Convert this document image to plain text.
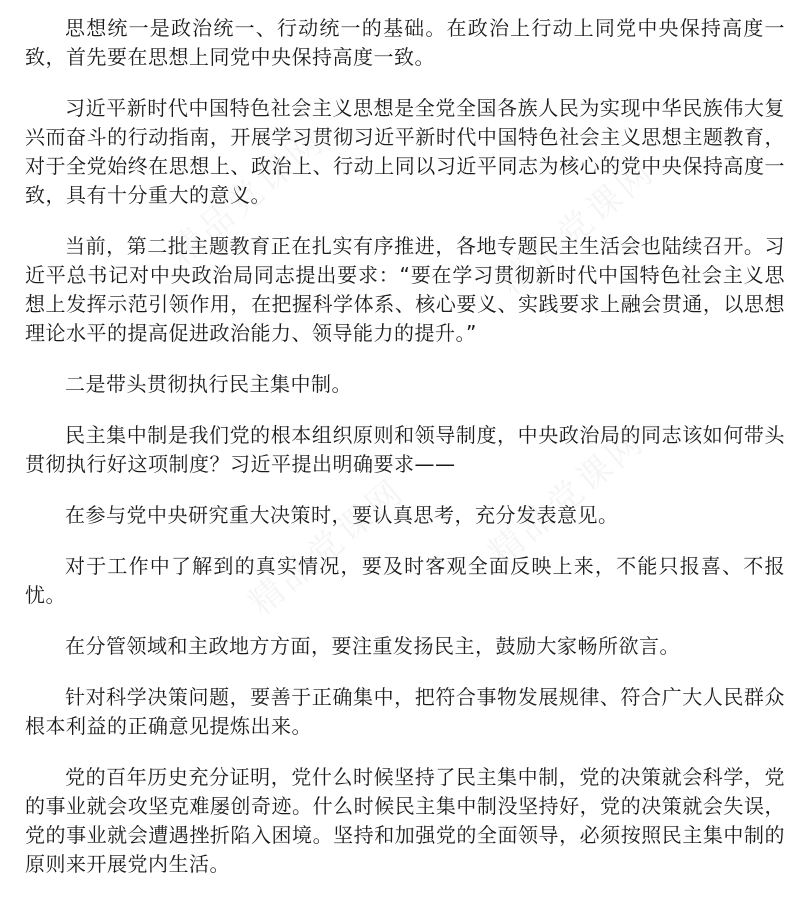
思想统一是政治统一、行动统一的基础。在政治上行动上同党中央保持高度一致，首先要在思想上同党中央保持高度一致。

习近平新时代中国特色社会主义思想是全党全国各族人民为实现中华民族伟大复兴而奋斗的行动指南，开展学习贯彻习近平新时代中国特色社会主义思想主题教育，对于全党始终在思想上、政治上、行动上同以习近平同志为核心的党中央保持高度一致，具有十分重大的意义。

当前，第二批主题教育正在扎实有序推进，各地专题民主生活会也陆续召开。习近平总书记对中央政治局同志提出要求：“要在学习贯彻新时代中国特色社会主义思想上发挥示范引领作用，在把握科学体系、核心要义、实践要求上融会贯通，以思想理论水平的提高促进政治能力、领导能力的提升。”

二是带头贯彻执行民主集中制。

民主集中制是我们党的根本组织原则和领导制度，中央政治局的同志该如何带头贯彻执行好这项制度？习近平提出明确要求——

在参与党中央研究重大决策时，要认真思考，充分发表意见。

对于工作中了解到的真实情况，要及时客观全面反映上来，不能只报喜、不报忧。

在分管领域和主政地方方面，要注重发扬民主，鼓励大家畅所欲言。

针对科学决策问题，要善于正确集中，把符合事物发展规律、符合广大人民群众根本利益的正确意见提炼出来。

党的百年历史充分证明，党什么时候坚持了民主集中制，党的决策就会科学，党的事业就会攻坚克难屡创奇迹。什么时候民主集中制没坚持好，党的决策就会失误，党的事业就会遭遇挫折陷入困境。坚持和加强党的全面领导，必须按照民主集中制的原则来开展党内生活。
